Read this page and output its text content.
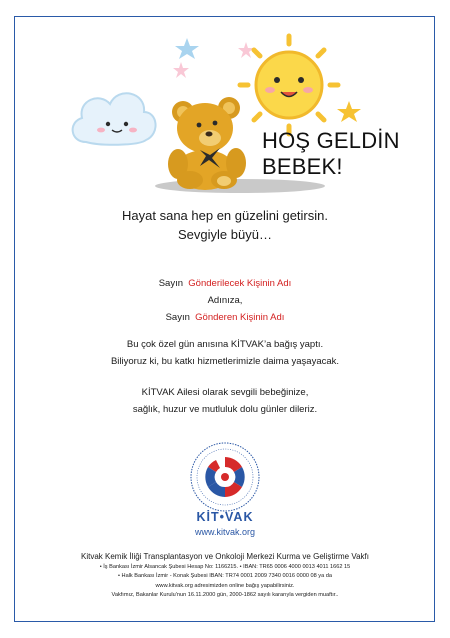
HOŞ GELDİN
BEBEK!
Hayat sana hep en güzelini getirsin.
Sevgiyle büyü…
Sayın Gönderilecek Kişinin Adı
Adınıza,
Sayın Gönderen Kişinin Adı
Bu çok özel gün anısına KİTVAK’a bağış yaptı.
Biliyoruz ki, bu katkı hizmetlerimizle daima yaşayacak.
KİTVAK Ailesi olarak sevgili bebeğinize,
sağlık, huzur ve mutluluk dolu günler dileriz.
KİT•VAK
www.kitvak.org
Kitvak Kemik İliği Transplantasyon ve Onkoloji Merkezi Kurma ve Geliştirme Vakfı
• İş Bankası İzmir Alsancak Şubesi Hesap No: 1166215. • IBAN: TR65 0006 4000 0013 4011 1662 15
• Halk Bankası İzmir - Konak Şubesi IBAN: TR74 0001 2009 7340 0016 0000 08 ya da
www.kitvak.org adresimizden online bağış yapabilirsiniz.
Vakfımız, Bakanlar Kurulu'nun 16.11.2000 gün, 2000-1862 sayılı kararıyla vergiden muaftır..
